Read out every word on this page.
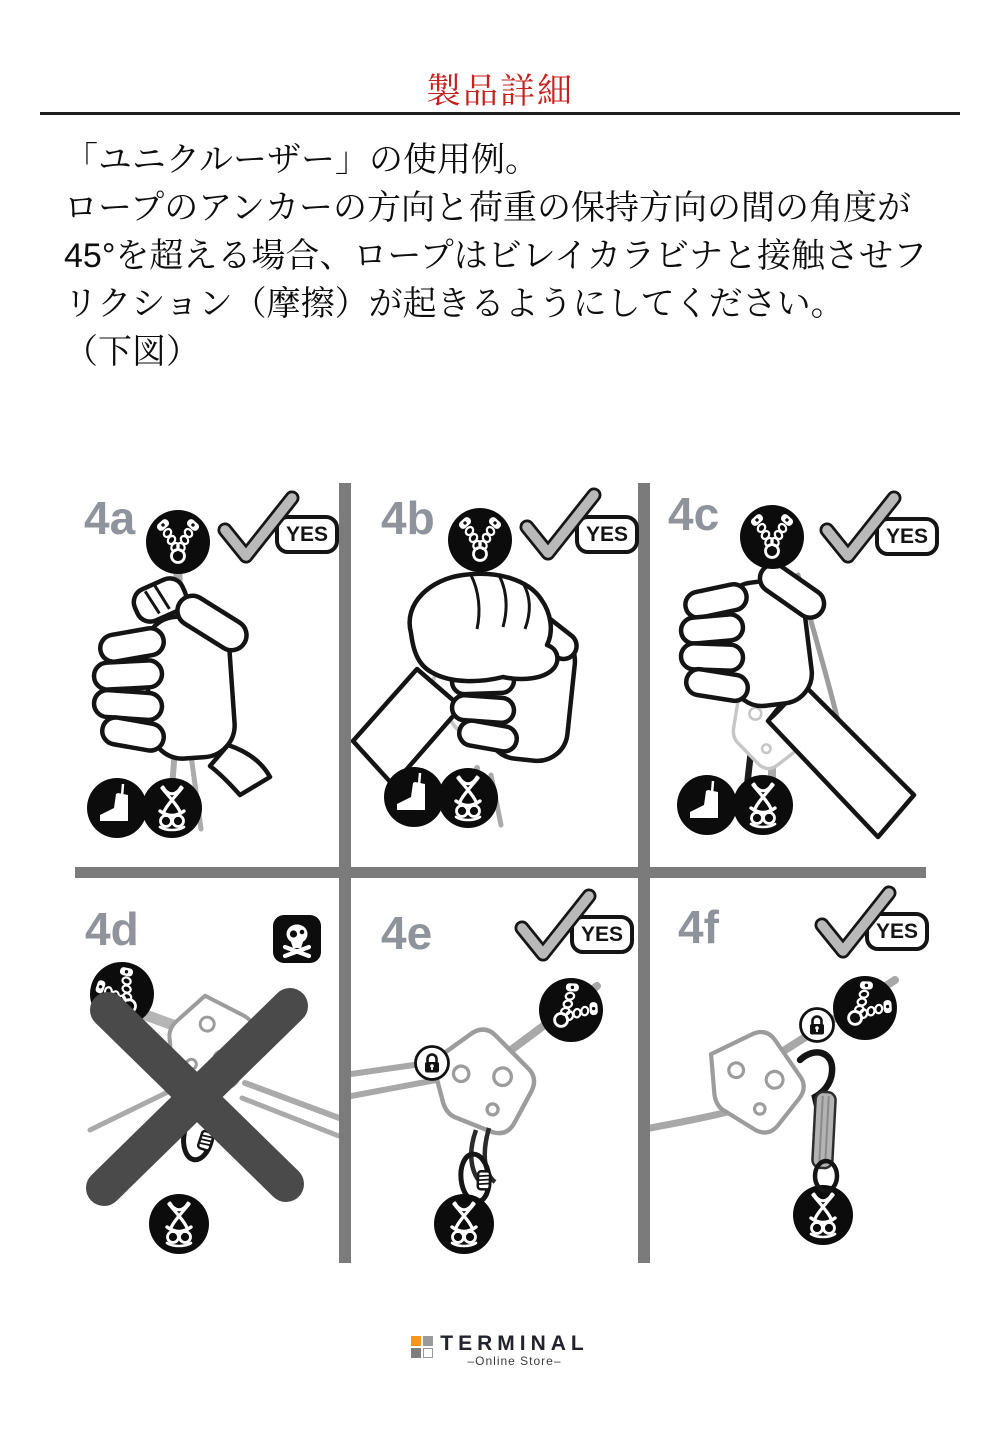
製品詳細
「ユニクルーザー」の使用例。
ロープのアンカーの方向と荷重の保持方向の間の角度が
45°を超える場合、ロープはビレイカラビナと接触させフ
リクション（摩擦）が起きるようにしてください。
（下図）
4a	YES 4b	YES 4c	YES
4d	4e	YES 4f	YES
TERMINAL
–Online Store–
